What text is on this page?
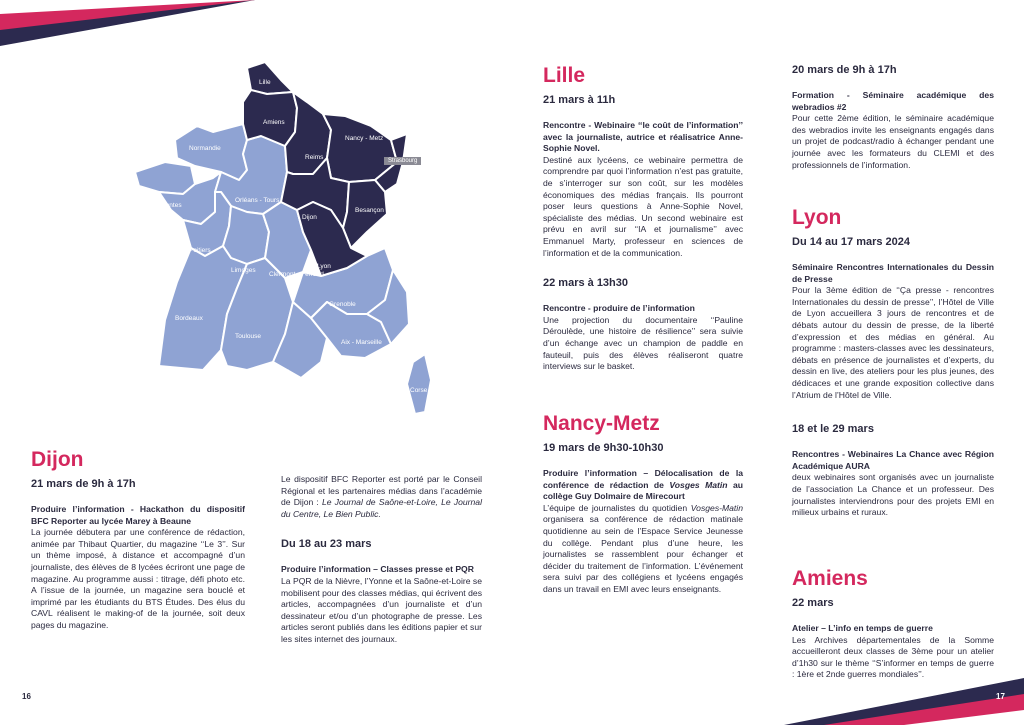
Lille
Amiens
Normandie
Reims
Nancy - Metz
Nantes
Orléans - Tours
Dijon
Besançon
Poitiers
Limoges
Clermont - Ferrand
Lyon
Grenoble
Bordeaux
Toulouse
Montpellier
Aix - Marseille
Nice
Corse
Rennes
Strasbourg
Dijon

21 mars de 9h à 17h

Produire l’information - Hackathon du dispositif BFC Reporter au lycée Marey à Beaune

La journée débutera par une conférence de rédaction, animée par Thibaut Quartier, du magazine ‘‘Le 3’’. Sur un thème imposé, à distance et accompagné d’un journaliste, des élèves de 8 lycées écriront une page de magazine. Au programme aussi : titrage, défi photo etc. A l’issue de la journée, un magazine sera bouclé et imprimé par les étudiants du BTS Études. Des élus du CAVL réalisent le making-of de la journée, soit deux pages du magazine.

Le dispositif BFC Reporter est porté par le Conseil Régional et les partenaires médias dans l’académie de Dijon : Le Journal de Saône-et-Loire, Le Journal du Centre, Le Bien Public.

Du 18 au 23 mars

Produire l’information – Classes presse et PQR

La PQR de la Nièvre, l’Yonne et la Saône-et-Loire se mobilisent pour des classes médias, qui écrivent des articles, accompagnées d’un journaliste et d’un dessinateur et/ou d’un photographe de presse. Les articles seront publiés dans les éditions papier et sur les sites internet des journaux.

16
Lille

21 mars à 11h

Rencontre - Webinaire ‘‘le coût de l’information’’ avec la journaliste, autrice et réalisatrice Anne-Sophie Novel.

Destiné aux lycéens, ce webinaire permettra de comprendre par quoi l’information n’est pas gratuite, de s’interroger sur son coût, sur les modèles économiques des médias français. Ils pourront poser leurs questions à Anne-Sophie Novel, spécialiste des médias. Un second webinaire est prévu en avril sur ‘‘IA et journalisme’’ avec Emmanuel Marty, professeur en sciences de l’information et de la communication.

22 mars à 13h30

Rencontre - produire de l’information

Une projection du documentaire ‘‘Pauline Déroulède, une histoire de résilience’’ sera suivie d’un échange avec un champion de paddle en fauteuil, puis des élèves réaliseront quatre interviews sur le basket.

Nancy-Metz

19 mars de 9h30-10h30

Produire l’information – Délocalisation de la conférence de rédaction de Vosges Matin au collège Guy Dolmaire de Mirecourt

L’équipe de journalistes du quotidien Vosges-Matin organisera sa conférence de rédaction matinale quotidienne au sein de l’Espace Service Jeunesse du collège. Pendant plus d’une heure, les journalistes se rassemblent pour échanger et décider du traitement de l’information. L’événement sera suivi par des collégiens et lycéens engagés dans un travail en EMI avec leurs enseignants.

20 mars de 9h à 17h

Formation - Séminaire académique des webradios #2

Pour cette 2ème édition, le séminaire académique des webradios invite les enseignants engagés dans un projet de podcast/radio à échanger pendant une journée avec les formateurs du CLEMI et des professionnels de l’information.

Lyon

Du 14 au 17 mars 2024

Séminaire Rencontres Internationales du Dessin de Presse

Pour la 3ème édition de ‘‘Ça presse - rencontres Internationales du dessin de presse’’, l’Hôtel de Ville de Lyon accueillera 3 jours de rencontres et de débats autour du dessin de presse, de la liberté d’expression et des médias en général. Au programme : masters-classes avec les dessinateurs, débats en présence de journalistes et d’experts, du dessin en live, des ateliers pour les plus jeunes, des dédicaces et une grande exposition collective dans l’Atrium de l’Hôtel de Ville.

18 et le 29 mars

Rencontres - Webinaires La Chance avec Région Académique AURA

deux webinaires sont organisés avec un journaliste de l’association La Chance et un professeur. Des journalistes interviendrons pour des projets EMI en milieux urbains et ruraux.

Amiens

22 mars

Atelier – L’info en temps de guerre

Les Archives départementales de la Somme accueilleront deux classes de 3ème pour un atelier d’1h30 sur le thème ‘‘S’informer en temps de guerre : 1ère et 2nde guerres mondiales’’.

17
